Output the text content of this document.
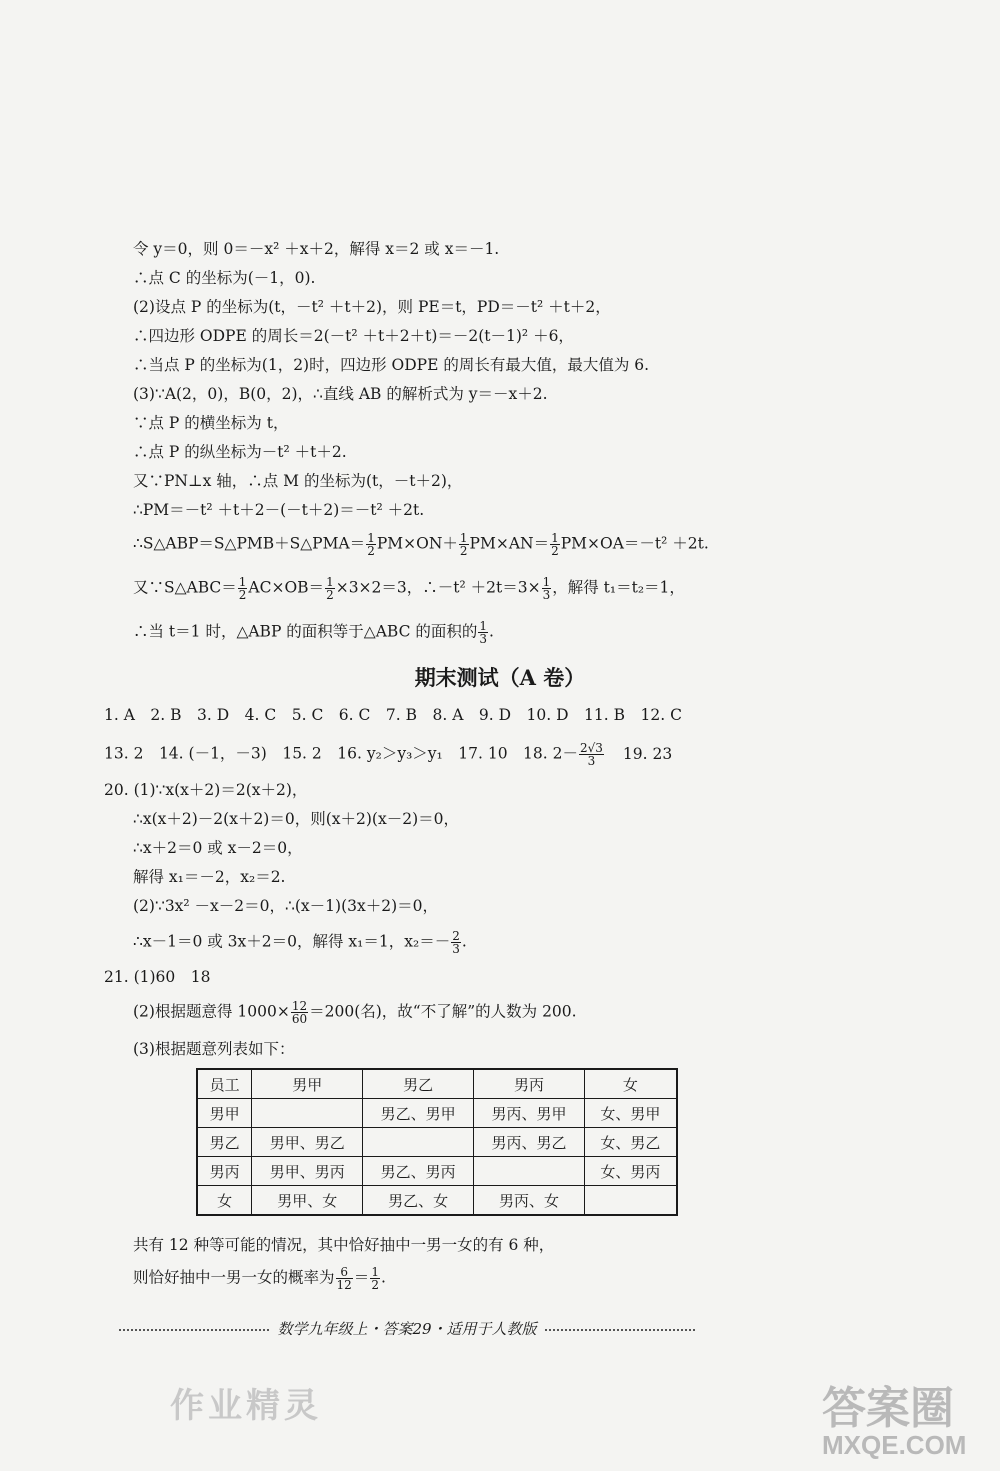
令 y＝0，则 0＝－x² ＋x＋2，解得 x＝2 或 x＝－1.
∴点 C 的坐标为(－1，0).
(2)设点 P 的坐标为(t，－t² ＋t＋2)，则 PE＝t，PD＝－t² ＋t＋2，
∴四边形 ODPE 的周长＝2(－t² ＋t＋2＋t)＝－2(t－1)² ＋6，
∴当点 P 的坐标为(1，2)时，四边形 ODPE 的周长有最大值，最大值为 6.
(3)∵A(2，0)，B(0，2)，∴直线 AB 的解析式为 y＝－x＋2.
∵点 P 的横坐标为 t，
∴点 P 的纵坐标为－t² ＋t＋2.
又∵PN⊥x 轴，∴点 M 的坐标为(t，－t＋2)，
∴PM＝－t² ＋t＋2－(－t＋2)＝－t² ＋2t.
∴S△ABP＝S△PMB＋S△PMA＝ $\frac{1}{2} PM\times ON+ \frac{1}{2} PM\times AN= \frac{1}{2} PM\times OA=-t^2 +2t$.
又∵S△ABC＝ $\frac{1}{2} AC\times OB= \frac{1}{2} \times 3\times 2=3$，∴－t² $+2t=3\times \frac{1}{3}$ ，解得 t₁＝t₂＝1，
∴当 t＝1 时，△ABP 的面积等于△ABC 的面积的 $\frac{1}{3}$ .
期末测试（A 卷）
1. A　2. B　3. D　4. C　5. C　6. C　7. B　8. A　9. D　10. D　11. B　12. C
13. 2　14. (－1，－3)　15. 2　16. y₂＞y₃＞y₁　17. 10　18. $2- \frac{2√3}{3} 19$. 23
20. (1)∵x(x＋2)＝2(x＋2)，
∴x(x＋2)－2(x＋2)＝0，则(x＋2)(x－2)＝0，
∴x＋2＝0 或 x－2＝0，
解得 x₁＝－2，x₂＝2.
(2)∵3x² －x－2＝0，∴(x－1)(3x＋2)＝0，
∴x－1＝0 或 3x＋2＝0，解得 x₁＝1，$x_2=- \frac{2}{3}$ .
21. (1)60　18
(2)根据题意得 $1000\times \frac{12}{60} =200$(名)，故“不了解”的人数为 200.
(3)根据题意列表如下：
员工	男甲	男乙	男丙	女
男甲		男乙、男甲	男丙、男甲	女、男甲
男乙	男甲、男乙		男丙、男乙	女、男乙
男丙	男甲、男丙	男乙、男丙		女、男丙
女	男甲、女	男乙、女	男丙、女	
共有 12 种等可能的情况，其中恰好抽中一男一女的有 6 种，
则恰好抽中一男一女的概率为 $\frac{6}{12} = \frac{1}{2}$ .
数学九年级上・答案29・适用于人教版
作业精灵	答案圈
MXQE.COM
